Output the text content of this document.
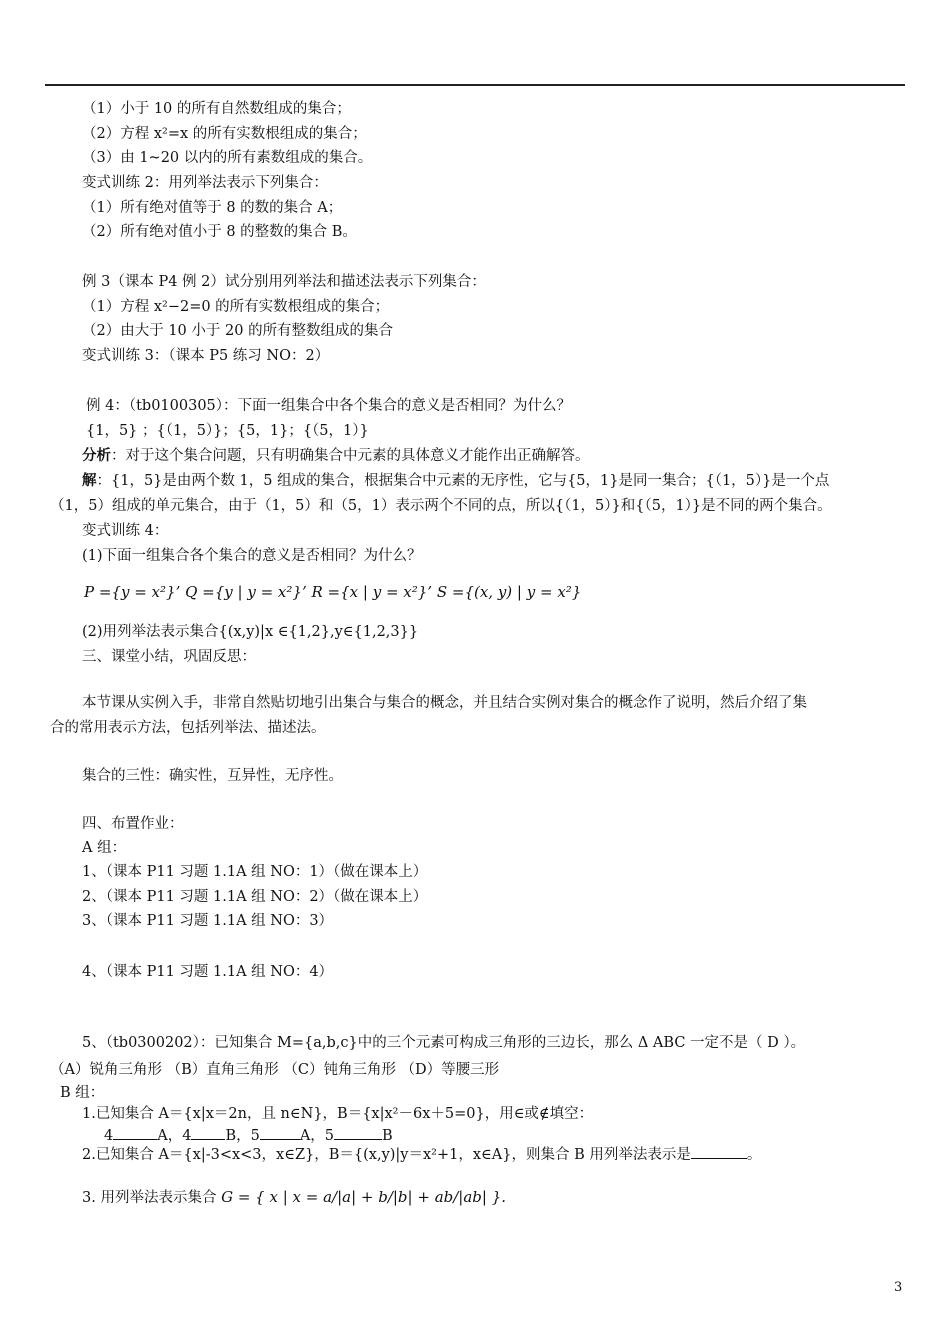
（1）小于 10 的所有自然数组成的集合；
（2）方程 x²=x 的所有实数根组成的集合；
（3）由 1~20 以内的所有素数组成的集合。
变式训练 2：用列举法表示下列集合：
（1）所有绝对值等于 8 的数的集合 A；
（2）所有绝对值小于 8 的整数的集合 B。
例 3（课本 P4 例 2）试分别用列举法和描述法表示下列集合：
（1）方程 x²−2=0 的所有实数根组成的集合；
（2）由大于 10 小于 20 的所有整数组成的集合
变式训练 3：（课本 P5 练习 NO：2）
例 4：（tb0100305）：下面一组集合中各个集合的意义是否相同？为什么？
{1，5} ；{（1，5）}；{5，1}；{（5，1）}
分析：对于这个集合问题，只有明确集合中元素的具体意义才能作出正确解答。
解：{1，5}是由两个数 1，5 组成的集合，根据集合中元素的无序性，它与{5，1}是同一集合；{（1，5）}是一个点
（1，5）组成的单元集合，由于（1，5）和（5，1）表示两个不同的点，所以{（1，5）}和{（5，1）}是不同的两个集合。
变式训练 4：
(1)下面一组集合各个集合的意义是否相同？为什么？
P ={y = x²}’ Q ={y | y = x²}’ R ={x | y = x²}’ S ={(x, y) | y = x²}
(2)用列举法表示集合{(x,y)|x ∈{1,2},y∈{1,2,3}}
三、课堂小结，巩固反思：
本节课从实例入手，非常自然贴切地引出集合与集合的概念，并且结合实例对集合的概念作了说明，然后介绍了集
合的常用表示方法，包括列举法、描述法。
集合的三性：确实性，互异性，无序性。
四、布置作业：
A 组：
1、（课本 P11 习题 1.1A 组 NO：1）（做在课本上）
2、（课本 P11 习题 1.1A 组 NO：2）（做在课本上）
3、（课本 P11 习题 1.1A 组 NO：3）
4、（课本 P11 习题 1.1A 组 NO：4）
5、（tb0300202）：已知集合 M={a,b,c}中的三个元素可构成三角形的三边长，那么 Δ ABC 一定不是（ D ）。
（A）锐角三角形 （B）直角三角形 （C）钝角三角形 （D）等腰三形
B 组：
1.已知集合 A＝{x|x＝2n，且 n∈N}，B＝{x|x²－6x＋5=0}，用∈或∉填空：
4	A，4 B，5	A，5	B
2.已知集合 A＝{x|-3<x<3，x∈Z}，B＝{(x,y)|y＝x²+1，x∈A}，则集合 B 用列举法表示是	。
3. 用列举法表示集合 G = { x | x = a/|a| + b/|b| + ab/|ab| }.
3
